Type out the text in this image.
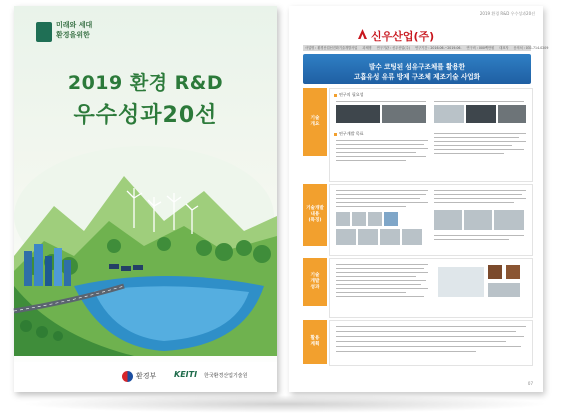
미래와 세대
환경을위한
2019 환경 R&D
우수성과20선
환경부 KEITI 한국환경산업기술원
2019 환경 R&D 우수성과20선
신우산업(주)
사업명 : 환경산업선진화기술개발사업 과제명 연구기관 : 신우산업(주) 연구기간 : 2016.06.~2019.06. 연구비 : 000백만원 대표자 문의처 : 031-714-0209
발수 코팅된 섬유구조체를 활용한
고흡유성 유류 방제 구조체 제조기술 사업화
기술
개요
연구의 필요성
연구개발 목표
기술개발
내용
(특징)
기술
개발
성과
활용
계획
07
